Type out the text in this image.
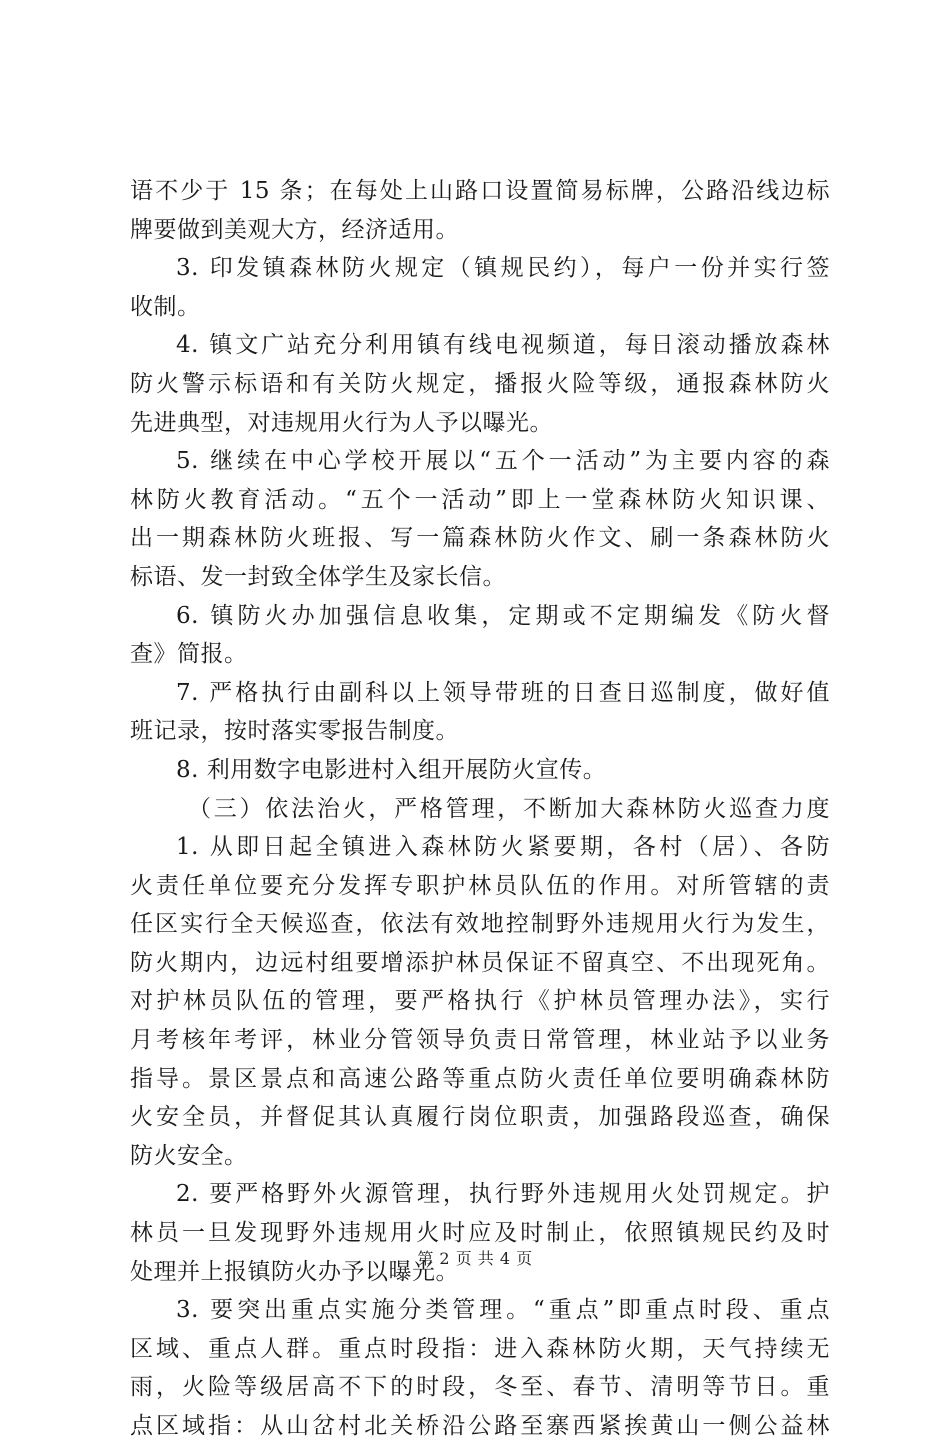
语不少于 15 条；在每处上山路口设置简易标牌，公路沿线边标
牌要做到美观大方，经济适用。
3. 印发镇森林防火规定（镇规民约），每户一份并实行签
收制。
4. 镇文广站充分利用镇有线电视频道，每日滚动播放森林
防火警示标语和有关防火规定，播报火险等级，通报森林防火
先进典型，对违规用火行为人予以曝光。
5. 继续在中心学校开展以“五个一活动”为主要内容的森
林防火教育活动。“五个一活动”即上一堂森林防火知识课、
出一期森林防火班报、写一篇森林防火作文、刷一条森林防火
标语、发一封致全体学生及家长信。
6. 镇防火办加强信息收集，定期或不定期编发《防火督
查》简报。
7. 严格执行由副科以上领导带班的日查日巡制度，做好值
班记录，按时落实零报告制度。
8. 利用数字电影进村入组开展防火宣传。
（三）依法治火，严格管理，不断加大森林防火巡查力度
1. 从即日起全镇进入森林防火紧要期，各村（居）、各防
火责任单位要充分发挥专职护林员队伍的作用。对所管辖的责
任区实行全天候巡查，依法有效地控制野外违规用火行为发生，
防火期内，边远村组要增添护林员保证不留真空、不出现死角。
对护林员队伍的管理，要严格执行《护林员管理办法》，实行
月考核年考评，林业分管领导负责日常管理，林业站予以业务
指导。景区景点和高速公路等重点防火责任单位要明确森林防
火安全员，并督促其认真履行岗位职责，加强路段巡查，确保
防火安全。
2. 要严格野外火源管理，执行野外违规用火处罚规定。护
林员一旦发现野外违规用火时应及时制止，依照镇规民约及时
处理并上报镇防火办予以曝光。
3. 要突出重点实施分类管理。“重点”即重点时段、重点
区域、重点人群。重点时段指：进入森林防火期，天气持续无
雨，火险等级居高不下的时段，冬至、春节、清明等节日。重
点区域指：从山岔村北关桥沿公路至寨西紧挨黄山一侧公益林
第 2 页 共 4 页
